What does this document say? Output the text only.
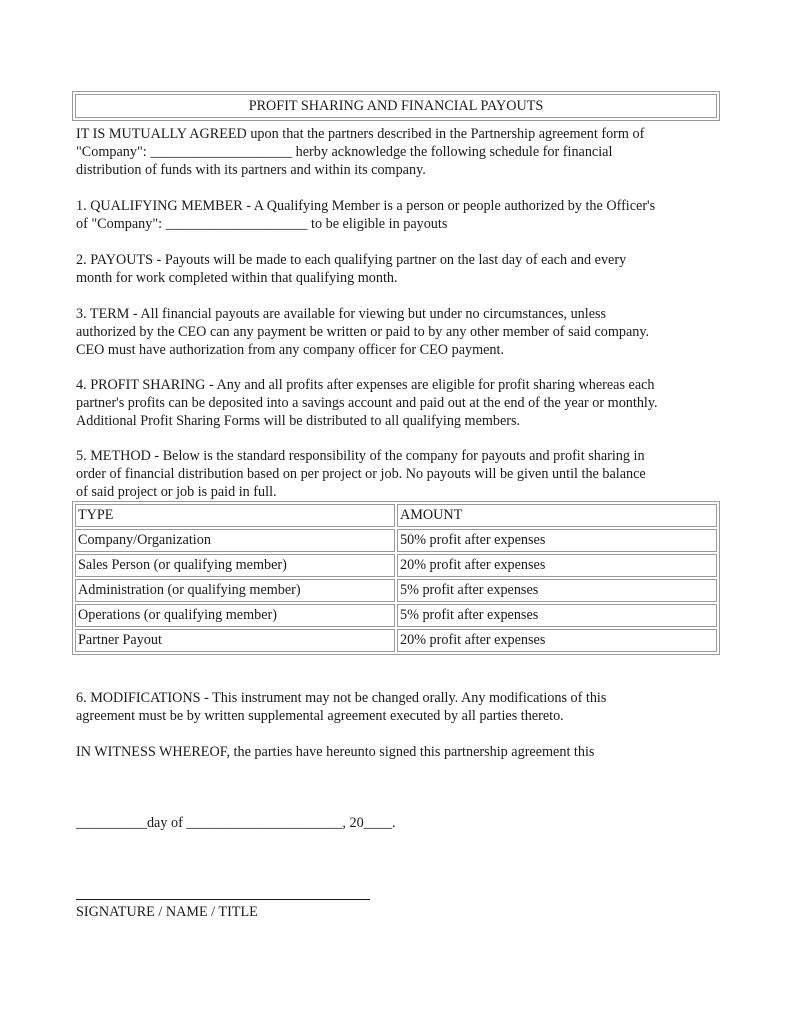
PROFIT SHARING AND FINANCIAL PAYOUTS
IT IS MUTUALLY AGREED upon that the partners described in the Partnership agreement form of
"Company": ____________________ herby acknowledge the following schedule for financial
distribution of funds with its partners and within its company.
1. QUALIFYING MEMBER - A Qualifying Member is a person or people authorized by the Officer's
of "Company": ____________________ to be eligible in payouts
2. PAYOUTS - Payouts will be made to each qualifying partner on the last day of each and every
month for work completed within that qualifying month.
3. TERM - All financial payouts are available for viewing but under no circumstances, unless
authorized by the CEO can any payment be written or paid to by any other member of said company.
CEO must have authorization from any company officer for CEO payment.
4. PROFIT SHARING - Any and all profits after expenses are eligible for profit sharing whereas each
partner's profits can be deposited into a savings account and paid out at the end of the year or monthly.
Additional Profit Sharing Forms will be distributed to all qualifying members.
5. METHOD - Below is the standard responsibility of the company for payouts and profit sharing in
order of financial distribution based on per project or job. No payouts will be given until the balance
of said project or job is paid in full.
TYPE	AMOUNT
Company/Organization	50% profit after expenses
Sales Person (or qualifying member)	20% profit after expenses
Administration (or qualifying member)	5% profit after expenses
Operations (or qualifying member)	5% profit after expenses
Partner Payout	20% profit after expenses
6. MODIFICATIONS - This instrument may not be changed orally. Any modifications of this
agreement must be by written supplemental agreement executed by all parties thereto.
IN WITNESS WHEREOF, the parties have hereunto signed this partnership agreement this
__________day of ______________________, 20____.
SIGNATURE / NAME / TITLE
